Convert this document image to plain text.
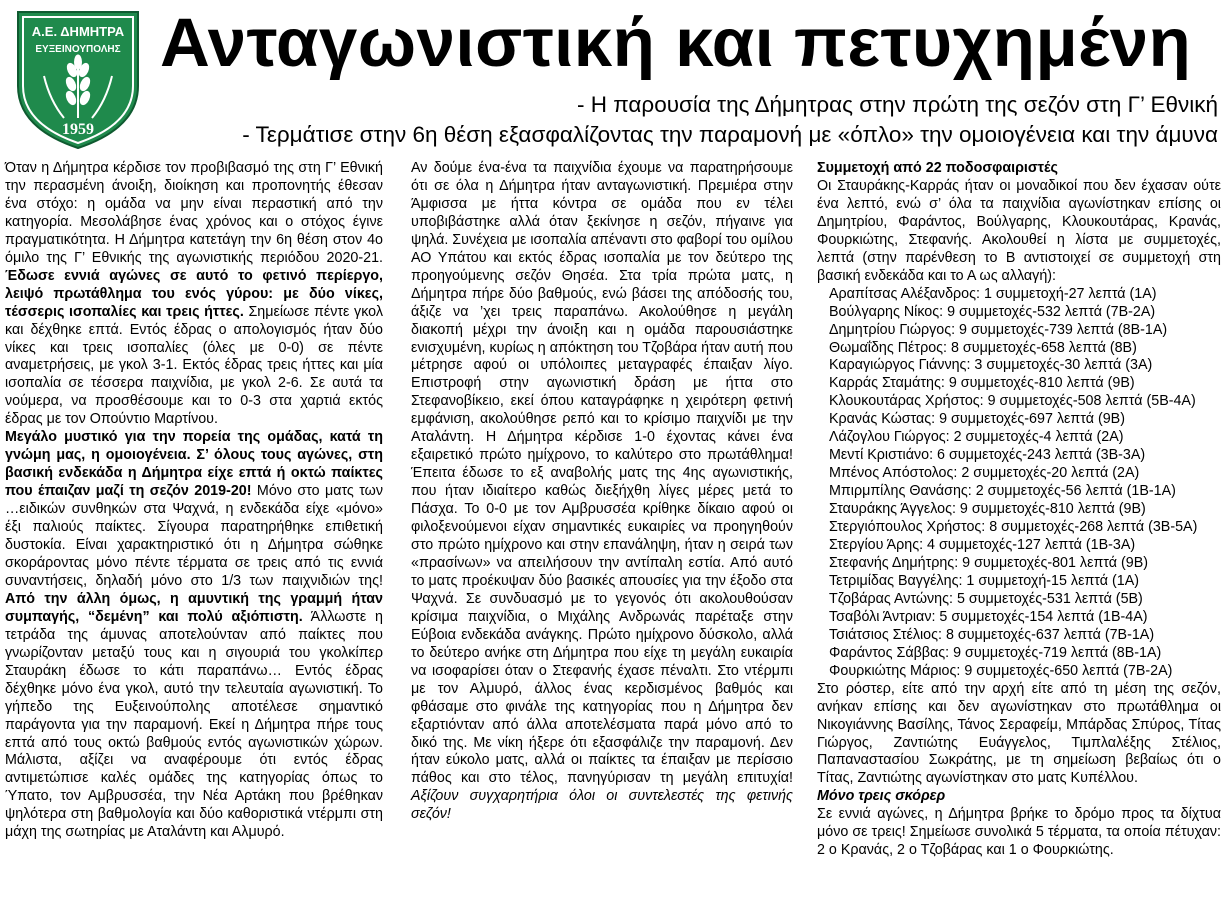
Α.Ε. ΔΗΜΗΤΡΑ
ΕΥΞΕΙΝΟΥΠΟΛΗΣ
1959
Ανταγωνιστική και πετυχημένη
- Η παρουσία της Δήμητρας στην πρώτη της σεζόν στη Γ’ Εθνική
- Τερμάτισε στην 6η θέση εξασφαλίζοντας την παραμονή με «όπλο» την ομοιογένεια και την άμυνα

Όταν η Δήμητρα κέρδισε τον προβιβασμό της στη Γ’ Εθνική την περασμένη άνοιξη, διοίκηση και προπονητής έθεσαν ένα στόχο: η ομάδα να μην είναι περαστική από την κατηγορία. Μεσολάβησε ένας χρόνος και ο στόχος έγινε πραγματικότητα. Η Δήμητρα κατετάγη την 6η θέση στον 4ο όμιλο της Γ’ Εθνικής της αγωνιστικής περιόδου 2020-21. Έδωσε εννιά αγώνες σε αυτό το φετινό περίεργο, λειψό πρωτάθλημα του ενός γύρου: με δύο νίκες, τέσσερις ισοπαλίες και τρεις ήττες. Σημείωσε πέντε γκολ και δέχθηκε επτά. Εντός έδρας ο απολογισμός ήταν δύο νίκες και τρεις ισοπαλίες (όλες με 0-0) σε πέντε αναμετρήσεις, με γκολ 3-1. Εκτός έδρας τρεις ήττες και μία ισοπαλία σε τέσσερα παιχνίδια, με γκολ 2-6. Σε αυτά τα νούμερα, να προσθέσουμε και το 0-3 στα χαρτιά εκτός έδρας με τον Οπούντιο Μαρτίνου.

Μεγάλο μυστικό για την πορεία της ομάδας, κατά τη γνώμη μας, η ομοιογένεια. Σ’ όλους τους αγώνες, στη βασική ενδεκάδα η Δήμητρα είχε επτά ή οκτώ παίκτες που έπαιζαν μαζί τη σεζόν 2019-20! Μόνο στο ματς των …ειδικών συνθηκών στα Ψαχνά, η ενδεκάδα είχε «μόνο» έξι παλιούς παίκτες. Σίγουρα παρατηρήθηκε επιθετική δυστοκία. Είναι χαρακτηριστικό ότι η Δήμητρα σώθηκε σκοράροντας μόνο πέντε τέρματα σε τρεις από τις εννιά συναντήσεις, δηλαδή μόνο στο 1/3 των παιχνιδιών της! Από την άλλη όμως, η αμυντική της γραμμή ήταν συμπαγής, “δεμένη” και πολύ αξιόπιστη. Άλλωστε η τετράδα της άμυνας αποτελούνταν από παίκτες που γνωρίζονταν μεταξύ τους και η σιγουριά του γκολκίπερ Σταυράκη έδωσε το κάτι παραπάνω… Εντός έδρας δέχθηκε μόνο ένα γκολ, αυτό την τελευταία αγωνιστική. Το γήπεδο της Ευξεινούπολης αποτέλεσε σημαντικό παράγοντα για την παραμονή. Εκεί η Δήμητρα πήρε τους επτά από τους οκτώ βαθμούς εντός αγωνιστικών χώρων. Μάλιστα, αξίζει να αναφέρουμε ότι εντός έδρας αντιμετώπισε καλές ομάδες της κατηγορίας όπως το Ύπατο, τον Αμβρυσσέα, την Νέα Αρτάκη που βρέθηκαν ψηλότερα στη βαθμολογία και δύο καθοριστικά ντέρμπι στη μάχη της σωτηρίας με Αταλάντη και Αλμυρό.

Αν δούμε ένα-ένα τα παιχνίδια έχουμε να παρατηρήσουμε ότι σε όλα η Δήμητρα ήταν ανταγωνιστική. Πρεμιέρα στην Άμφισσα με ήττα κόντρα σε ομάδα που εν τέλει υποβιβάστηκε αλλά όταν ξεκίνησε η σεζόν, πήγαινε για ψηλά. Συνέχεια με ισοπαλία απέναντι στο φαβορί του ομίλου ΑΟ Υπάτου και εκτός έδρας ισοπαλία με τον δεύτερο της προηγούμενης σεζόν Θησέα. Στα τρία πρώτα ματς, η Δήμητρα πήρε δύο βαθμούς, ενώ βάσει της απόδοσής του, άξιζε να ’χει τρεις παραπάνω. Ακολούθησε η μεγάλη διακοπή μέχρι την άνοιξη και η ομάδα παρουσιάστηκε ενισχυμένη, κυρίως η απόκτηση του Τζοβάρα ήταν αυτή που μέτρησε αφού οι υπόλοιπες μεταγραφές έπαιξαν λίγο. Επιστροφή στην αγωνιστική δράση με ήττα στο Στεφανοβίκειο, εκεί όπου καταγράφηκε η χειρότερη φετινή εμφάνιση, ακολούθησε ρεπό και το κρίσιμο παιχνίδι με την Αταλάντη. Η Δήμητρα κέρδισε 1-0 έχοντας κάνει ένα εξαιρετικό πρώτο ημίχρονο, το καλύτερο στο πρωτάθλημα! Έπειτα έδωσε το εξ αναβολής ματς της 4ης αγωνιστικής, που ήταν ιδιαίτερο καθώς διεξήχθη λίγες μέρες μετά το Πάσχα. Το 0-0 με τον Αμβρυσσέα κρίθηκε δίκαιο αφού οι φιλοξενούμενοι είχαν σημαντικές ευκαιρίες να προηγηθούν στο πρώτο ημίχρονο και στην επανάληψη, ήταν η σειρά των «πρασίνων» να απειλήσουν την αντίπαλη εστία. Από αυτό το ματς προέκυψαν δύο βασικές απουσίες για την έξοδο στα Ψαχνά. Σε συνδυασμό με το γεγονός ότι ακολουθούσαν κρίσιμα παιχνίδια, ο Μιχάλης Ανδρωνάς παρέταξε στην Εύβοια ενδεκάδα ανάγκης. Πρώτο ημίχρονο δύσκολο, αλλά το δεύτερο ανήκε στη Δήμητρα που είχε τη μεγάλη ευκαιρία να ισοφαρίσει όταν ο Στεφανής έχασε πέναλτι. Στο ντέρμπι με τον Αλμυρό, άλλος ένας κερδισμένος βαθμός και φθάσαμε στο φινάλε της κατηγορίας που η Δήμητρα δεν εξαρτιόνταν από άλλα αποτελέσματα παρά μόνο από το δικό της. Με νίκη ήξερε ότι εξασφάλιζε την παραμονή. Δεν ήταν εύκολο ματς, αλλά οι παίκτες τα έπαιξαν με περίσσιο πάθος και στο τέλος, πανηγύρισαν τη μεγάλη επιτυχία! Αξίζουν συγχαρητήρια όλοι οι συντελεστές της φετινής σεζόν!

Συμμετοχή από 22 ποδοσφαιριστές

Οι Σταυράκης-Καρράς ήταν οι μοναδικοί που δεν έχασαν ούτε ένα λεπτό, ενώ σ’ όλα τα παιχνίδια αγωνίστηκαν επίσης οι Δημητρίου, Φαράντος, Βούλγαρης, Κλουκουτάρας, Κρανάς, Φουρκιώτης, Στεφανής. Ακολουθεί η λίστα με συμμετοχές, λεπτά (στην παρένθεση το Β αντιστοιχεί σε συμμετοχή στη βασική ενδεκάδα και το Α ως αλλαγή):

Αραπίτσας Αλέξανδρος: 1 συμμετοχή-27 λεπτά (1Α)
Βούλγαρης Νίκος: 9 συμμετοχές-532 λεπτά (7Β-2Α)
Δημητρίου Γιώργος: 9 συμμετοχές-739 λεπτά (8Β-1Α)
Θωμαΐδης Πέτρος: 8 συμμετοχές-658 λεπτά (8Β)
Καραγιώργος Γιάννης: 3 συμμετοχές-30 λεπτά (3Α)
Καρράς Σταμάτης: 9 συμμετοχές-810 λεπτά (9Β)
Κλουκουτάρας Χρήστος: 9 συμμετοχές-508 λεπτά (5Β-4Α)
Κρανάς Κώστας: 9 συμμετοχές-697 λεπτά (9Β)
Λάζογλου Γιώργος: 2 συμμετοχές-4 λεπτά (2Α)
Μεντί Κριστιάνο: 6 συμμετοχές-243 λεπτά (3Β-3Α)
Μπένος Απόστολος: 2 συμμετοχές-20 λεπτά (2Α)
Μπιρμπίλης Θανάσης: 2 συμμετοχές-56 λεπτά (1Β-1Α)
Σταυράκης Άγγελος: 9 συμμετοχές-810 λεπτά (9Β)
Στεργιόπουλος Χρήστος: 8 συμμετοχές-268 λεπτά (3Β-5Α)
Στεργίου Άρης: 4 συμμετοχές-127 λεπτά (1Β-3Α)
Στεφανής Δημήτρης: 9 συμμετοχές-801 λεπτά (9Β)
Τετριμίδας Βαγγέλης: 1 συμμετοχή-15 λεπτά (1Α)
Τζοβάρας Αντώνης: 5 συμμετοχές-531 λεπτά (5Β)
Τσαβόλι Άντριαν: 5 συμμετοχές-154 λεπτά (1Β-4Α)
Τσιάτσιος Στέλιος: 8 συμμετοχές-637 λεπτά (7Β-1Α)
Φαράντος Σάββας: 9 συμμετοχές-719 λεπτά (8Β-1Α)
Φουρκιώτης Μάριος: 9 συμμετοχές-650 λεπτά (7Β-2Α)

Στο ρόστερ, είτε από την αρχή είτε από τη μέση της σεζόν, ανήκαν επίσης και δεν αγωνίστηκαν στο πρωτάθλημα οι Νικογιάννης Βασίλης, Τάνος Σεραφείμ, Μπάρδας Σπύρος, Τίτας Γιώργος, Ζαντιώτης Ευάγγελος, Τιμπλαλέξης Στέλιος, Παπαναστασίου Σωκράτης, με τη σημείωση βεβαίως ότι ο Τίτας, Ζαντιώτης αγωνίστηκαν στο ματς Κυπέλλου.

Μόνο τρεις σκόρερ

Σε εννιά αγώνες, η Δήμητρα βρήκε το δρόμο προς τα δίχτυα μόνο σε τρεις! Σημείωσε συνολικά 5 τέρματα, τα οποία πέτυχαν: 2 ο Κρανάς, 2 ο Τζοβάρας και 1 ο Φουρκιώτης.
